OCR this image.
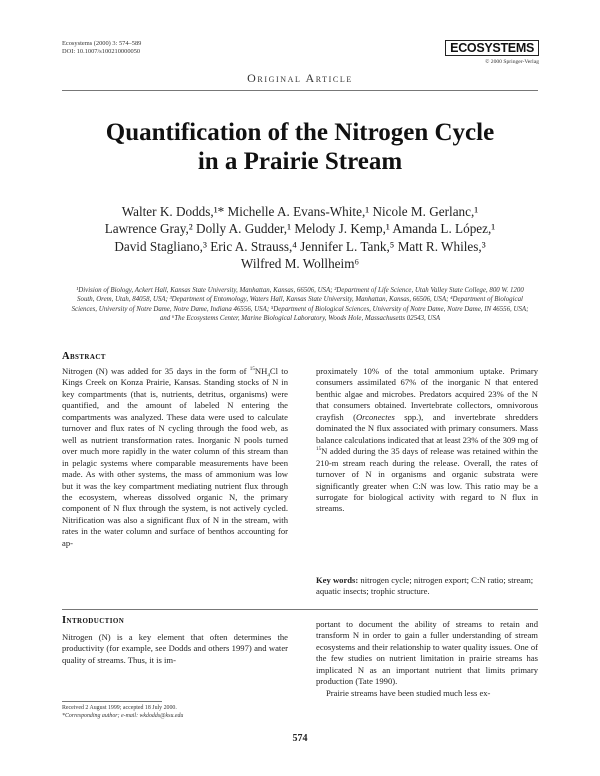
Ecosystems (2000) 3: 574–589
DOI: 10.1007/s100210000050	ECOSYSTEMS
© 2000 Springer-Verlag
Original Article
Quantification of the Nitrogen Cycle
in a Prairie Stream
Walter K. Dodds,¹* Michelle A. Evans-White,¹ Nicole M. Gerlanc,¹
Lawrence Gray,² Dolly A. Gudder,¹ Melody J. Kemp,¹ Amanda L. López,¹
David Stagliano,³ Eric A. Strauss,⁴ Jennifer L. Tank,⁵ Matt R. Whiles,³
Wilfred M. Wollheim⁶
¹Division of Biology, Ackert Hall, Kansas State University, Manhattan, Kansas, 66506, USA; ²Department of Life Science, Utah Valley State College, 800 W. 1200 South, Orem, Utah, 84058, USA; ³Department of Entomology, Waters Hall, Kansas State University, Manhattan, Kansas, 66506, USA; ⁴Department of Biological Sciences, University of Notre Dame, Notre Dame, Indiana 46556, USA; ⁵Department of Biological Sciences, University of Notre Dame, Notre Dame, IN 46556, USA; and ⁶The Ecosystems Center, Marine Biological Laboratory, Woods Hole, Massachusetts 02543, USA
Abstract

Nitrogen (N) was added for 35 days in the form of $^{15}NH_4Cl$ to Kings Creek on Konza Prairie, Kansas. Standing stocks of N in key compartments (that is, nutrients, detritus, organisms) were quantified, and the amount of labeled N entering the compartments was analyzed. These data were used to calculate turnover and flux rates of N cycling through the food web, as well as nutrient transformation rates. Inorganic N pools turned over much more rapidly in the water column of this stream than in pelagic systems where comparable measurements have been made. As with other systems, the mass of ammonium was low but it was the key compartment mediating nutrient flux through the ecosystem, whereas dissolved organic N, the primary component of N flux through the system, is not actively cycled. Nitrification was also a significant flux of N in the stream, with rates in the water column and surface of benthos accounting for ap-

proximately 10% of the total ammonium uptake. Primary consumers assimilated 67% of the inorganic N that entered benthic algae and microbes. Predators acquired 23% of the N that consumers obtained. Invertebrate collectors, omnivorous crayfish (Orconectes spp.), and invertebrate shredders dominated the N flux associated with primary consumers. Mass balance calculations indicated that at least 23% of the 309 mg of $^{15}$N added during the 35 days of release was retained within the 210-m stream reach during the release. Overall, the rates of turnover of N in organisms and organic substrata were significantly greater when C:N was low. This ratio may be a surrogate for biological activity with regard to N flux in streams.

Key words: nitrogen cycle; nitrogen export; C:N ratio; stream; aquatic insects; trophic structure.
Introduction
Nitrogen (N) is a key element that often determines the productivity (for example, see Dodds and others 1997) and water quality of streams. Thus, it is im-

portant to document the ability of streams to retain and transform N in order to gain a fuller understanding of stream ecosystems and their relationship to water quality issues. One of the few studies on nutrient limitation in prairie streams has implicated N as an important nutrient that limits primary production (Tate 1990).

Prairie streams have been studied much less ex-

Received 2 August 1999; accepted 18 July 2000.
*Corresponding author; e-mail: wkdodds@ksu.edu
574
